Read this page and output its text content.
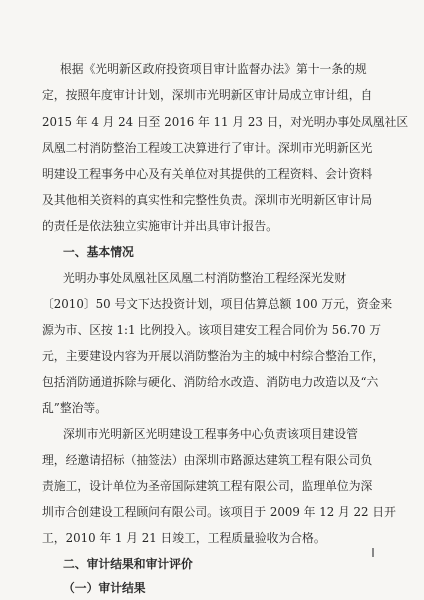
根据《光明新区政府投资项目审计监督办法》第十一条的规

定，按照年度审计计划，深圳市光明新区审计局成立审计组，自

2015 年 4 月 24 日至 2016 年 11 月 23 日，对光明办事处凤凰社区

凤凰二村消防整治工程竣工决算进行了审计。深圳市光明新区光

明建设工程事务中心及有关单位对其提供的工程资料、会计资料

及其他相关资料的真实性和完整性负责。深圳市光明新区审计局

的责任是依法独立实施审计并出具审计报告。

一、基本情况

光明办事处凤凰社区凤凰二村消防整治工程经深光发财

〔2010〕50 号文下达投资计划，项目估算总额 100 万元，资金来

源为市、区按 1:1 比例投入。该项目建安工程合同价为 56.70 万

元，主要建设内容为开展以消防整治为主的城中村综合整治工作，

包括消防通道拆除与硬化、消防给水改造、消防电力改造以及“六

乱”整治等。

深圳市光明新区光明建设工程事务中心负责该项目建设管

理，经邀请招标（抽签法）由深圳市路源达建筑工程有限公司负

责施工，设计单位为圣帝国际建筑工程有限公司，监理单位为深

圳市合创建设工程顾问有限公司。该项目于 2009 年 12 月 22 日开

工，2010 年 1 月 21 日竣工，工程质量验收为合格。

二、审计结果和审计评价

（一）审计结果
